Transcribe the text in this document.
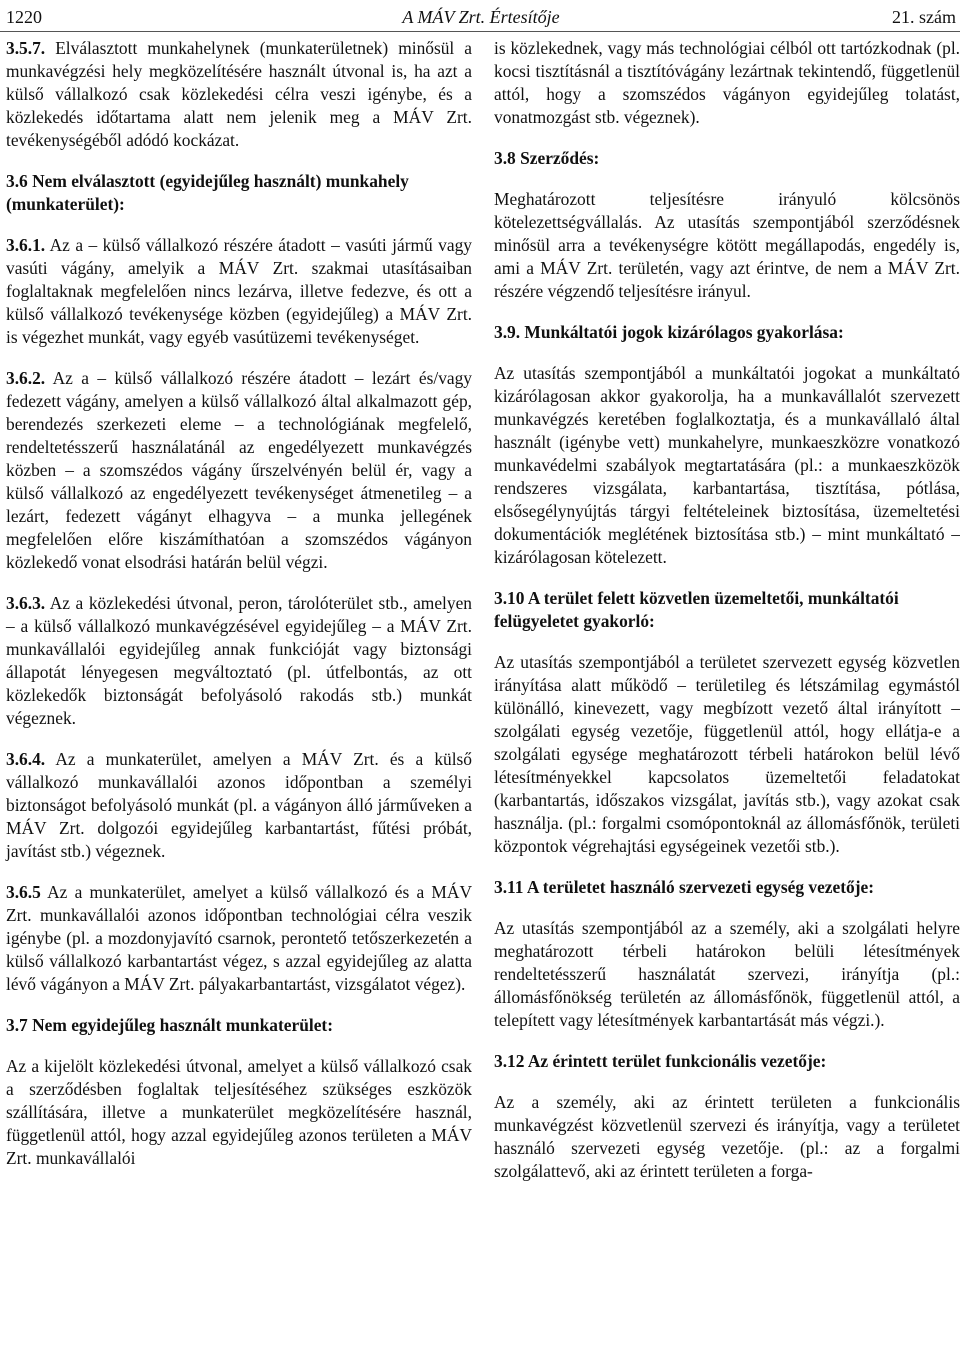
1220	A MÁV Zrt. Értesítője	21. szám

3.5.7. Elválasztott munkahelynek (munkaterületnek) minősül a munkavégzési hely megközelítésére használt útvonal is, ha azt a külső vállalkozó csak közlekedési célra veszi igénybe, és a közlekedés időtartama alatt nem jelenik meg a MÁV Zrt. tevékenységéből adódó kockázat.

3.6 Nem elválasztott (egyidejűleg használt) munkahely (munkaterület):

3.6.1. Az a – külső vállalkozó részére átadott – vasúti jármű vagy vasúti vágány, amelyik a MÁV Zrt. szakmai utasításaiban foglaltaknak megfelelően nincs lezárva, illetve fedezve, és ott a külső vállalkozó tevékenysége közben (egyidejűleg) a MÁV Zrt. is végezhet munkát, vagy egyéb vasútüzemi tevékenységet.

3.6.2. Az a – külső vállalkozó részére átadott – lezárt és/vagy fedezett vágány, amelyen a külső vállalkozó által alkalmazott gép, berendezés szerkezeti eleme – a technológiának megfelelő, rendeltetésszerű használatánál az engedélyezett munkavégzés közben – a szomszédos vágány űrszelvényén belül ér, vagy a külső vállalkozó az engedélyezett tevékenységet átmenetileg – a lezárt, fedezett vágányt elhagyva – a munka jellegének megfelelően előre kiszámíthatóan a szomszédos vágányon közlekedő vonat elsodrási határán belül végzi.

3.6.3. Az a közlekedési útvonal, peron, tárolóterület stb., amelyen – a külső vállalkozó munkavégzésével egyidejűleg – a MÁV Zrt. munkavállalói egyidejűleg annak funkcióját vagy biztonsági állapotát lényegesen megváltoztató (pl. útfelbontás, az ott közlekedők biztonságát befolyásoló rakodás stb.) munkát végeznek.

3.6.4. Az a munkaterület, amelyen a MÁV Zrt. és a külső vállalkozó munkavállalói azonos időpontban a személyi biztonságot befolyásoló munkát (pl. a vágányon álló járműveken a MÁV Zrt. dolgozói egyidejűleg karbantartást, fűtési próbát, javítást stb.) végeznek.

3.6.5 Az a munkaterület, amelyet a külső vállalkozó és a MÁV Zrt. munkavállalói azonos időpontban technológiai célra veszik igénybe (pl. a mozdonyjavító csarnok, perontető tetőszerkezetén a külső vállalkozó karbantartást végez, s azzal egyidejűleg az alatta lévő vágányon a MÁV Zrt. pályakarbantartást, vizsgálatot végez).

3.7 Nem egyidejűleg használt munkaterület:

Az a kijelölt közlekedési útvonal, amelyet a külső vállalkozó csak a szerződésben foglaltak teljesítéséhez szükséges eszközök szállítására, illetve a munkaterület megközelítésére használ, függetlenül attól, hogy azzal egyidejűleg azonos területen a MÁV Zrt. munkavállalói

is közlekednek, vagy más technológiai célból ott tartózkodnak (pl. kocsi tisztításnál a tisztítóvágány lezártnak tekintendő, függetlenül attól, hogy a szomszédos vágányon egyidejűleg tolatást, vonatmozgást stb. végeznek).

3.8 Szerződés:

Meghatározott teljesítésre irányuló kölcsönös kötelezettségvállalás. Az utasítás szempontjából szerződésnek minősül arra a tevékenységre kötött megállapodás, engedély is, ami a MÁV Zrt. területén, vagy azt érintve, de nem a MÁV Zrt. részére végzendő teljesítésre irányul.

3.9. Munkáltatói jogok kizárólagos gyakorlása:

Az utasítás szempontjából a munkáltatói jogokat a munkáltató kizárólagosan akkor gyakorolja, ha a munkavállalót szervezett munkavégzés keretében foglalkoztatja, és a munkavállaló által használt (igénybe vett) munkahelyre, munkaeszközre vonatkozó munkavédelmi szabályok megtartatására (pl.: a munkaeszközök rendszeres vizsgálata, karbantartása, tisztítása, pótlása, elsősegélynyújtás tárgyi feltételeinek biztosítása, üzemeltetési dokumentációk meglétének biztosítása stb.) – mint munkáltató – kizárólagosan kötelezett.

3.10 A terület felett közvetlen üzemeltetői, munkáltatói felügyeletet gyakorló:

Az utasítás szempontjából a területet szervezett egység közvetlen irányítása alatt működő – területileg és létszámilag egymástól különálló, kinevezett, vagy megbízott vezető által irányított – szolgálati egység vezetője, függetlenül attól, hogy ellátja-e a szolgálati egysége meghatározott térbeli határokon belül lévő létesítményekkel kapcsolatos üzemeltetői feladatokat (karbantartás, időszakos vizsgálat, javítás stb.), vagy azokat csak használja. (pl.: forgalmi csomópontoknál az állomásfőnök, területi központok végrehajtási egységeinek vezetői stb.).

3.11 A területet használó szervezeti egység vezetője:

Az utasítás szempontjából az a személy, aki a szolgálati helyre meghatározott térbeli határokon belüli létesítmények rendeltetésszerű használatát szervezi, irányítja (pl.: állomásfőnökség területén az állomásfőnök, függetlenül attól, a telepített vagy létesítmények karbantartását más végzi.).

3.12 Az érintett terület funkcionális vezetője:

Az a személy, aki az érintett területen a funkcionális munkavégzést közvetlenül szervezi és irányítja, vagy a területet használó szervezeti egység vezetője. (pl.: az a forgalmi szolgálattevő, aki az érintett területen a forga-
